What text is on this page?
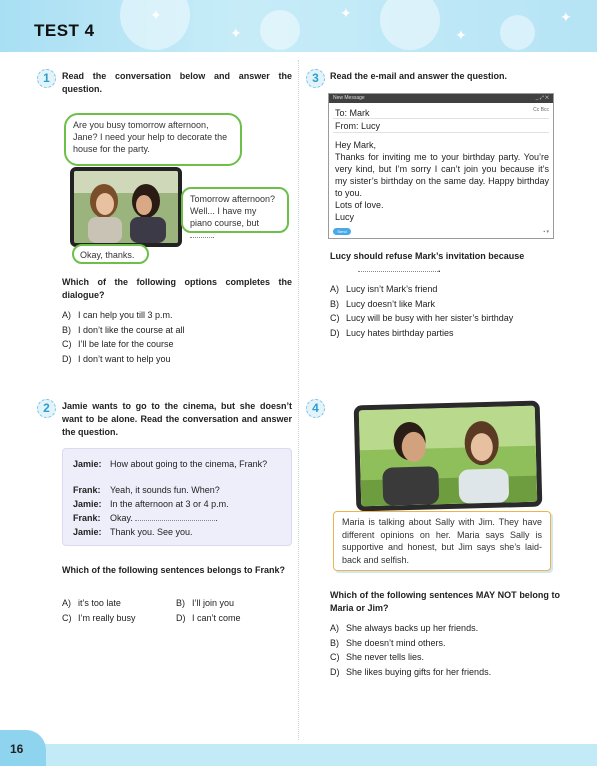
✦
✦
✦
✦
✦
TEST 4
1	Read the conversation below and answer the question.
Are you busy tomorrow afternoon, Jane? I need your help to decorate the house for the party.
Tomorrow afternoon?
Well... I have my piano course, but .
Okay, thanks.
Which of the following options completes the dialogue?
A) I can help you till 3 p.m.
B) I don’t like the course at all
C) I’ll be late for the course
D) I don’t want to help you
2	Jamie wants to go to the cinema, but she doesn’t want to be alone. Read the conversation and answer the question.
Jamie: How about going to the cinema, Frank?
Frank: Yeah, it sounds fun. When?
Jamie: In the afternoon at 3 or 4 p.m.
Frank: Okay.	.
Jamie: Thank you. See you.
Which of the following sentences belongs to Frank?
A) it’s too late	B) I’ll join you
C) I’m really busy	D) I can’t come
3	Read the e-mail and answer the question.
New Message	_ ⤢ ✕
To: Mark	Cc Bcc
From: Lucy
Hey Mark,
Thanks for inviting me to your birthday party. You’re very kind, but I’m sorry I can’t join you because it’s my sister’s birthday on the same day. Happy birthday to you.
Lots of love.
Lucy
Send	▪ ▾
Lucy should refuse Mark’s invitation because
.
A) Lucy isn’t Mark’s friend
B) Lucy doesn’t like Mark
C) Lucy will be busy with her sister’s birthday
D) Lucy hates birthday parties
4
Maria is talking about Sally with Jim. They have different opinions on her. Maria says Sally is supportive and honest, but Jim says she’s laid-back and selfish.
Which of the following sentences MAY NOT belong to Maria or Jim?
A) She always backs up her friends.
B) She doesn’t mind others.
C) She never tells lies.
D) She likes buying gifts for her friends.
16
